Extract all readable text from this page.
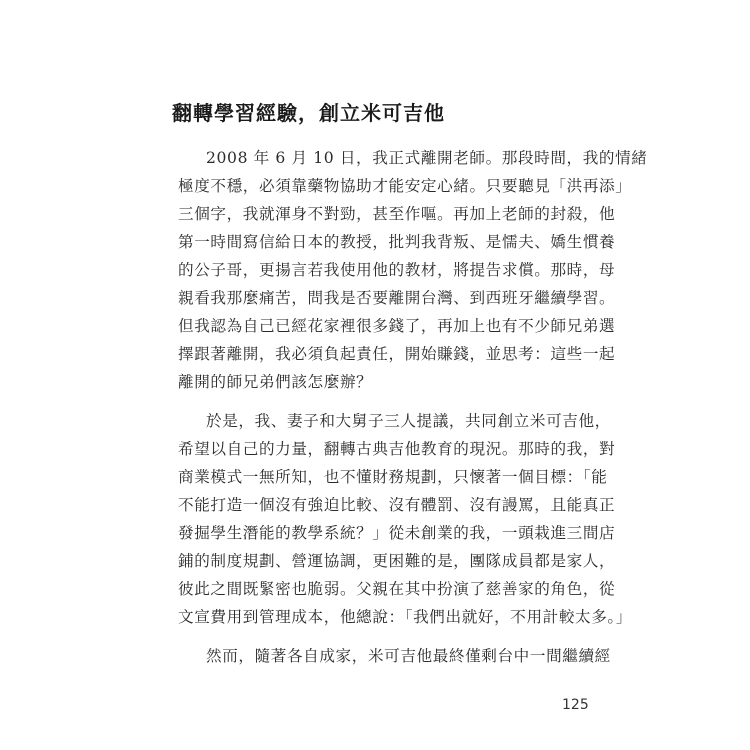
翻轉學習經驗，創立米可吉他
2008 年 6 月 10 日，我正式離開老師。那段時間，我的情緒
極度不穩，必須靠藥物協助才能安定心緒。只要聽見「洪再添」
三個字，我就渾身不對勁，甚至作嘔。再加上老師的封殺，他
第一時間寫信給日本的教授，批判我背叛、是懦夫、嬌生慣養
的公子哥，更揚言若我使用他的教材，將提告求償。那時，母
親看我那麼痛苦，問我是否要離開台灣、到西班牙繼續學習。
但我認為自己已經花家裡很多錢了，再加上也有不少師兄弟選
擇跟著離開，我必須負起責任，開始賺錢，並思考：這些一起
離開的師兄弟們該怎麼辦？
於是，我、妻子和大舅子三人提議，共同創立米可吉他，
希望以自己的力量，翻轉古典吉他教育的現況。那時的我，對
商業模式一無所知，也不懂財務規劃，只懷著一個目標：「能
不能打造一個沒有強迫比較、沒有體罰、沒有謾罵，且能真正
發掘學生潛能的教學系統？」從未創業的我，一頭栽進三間店
鋪的制度規劃、營運協調，更困難的是，團隊成員都是家人，
彼此之間既緊密也脆弱。父親在其中扮演了慈善家的角色，從
文宣費用到管理成本，他總說：「我們出就好，不用計較太多。」
然而，隨著各自成家，米可吉他最終僅剩台中一間繼續經
125
